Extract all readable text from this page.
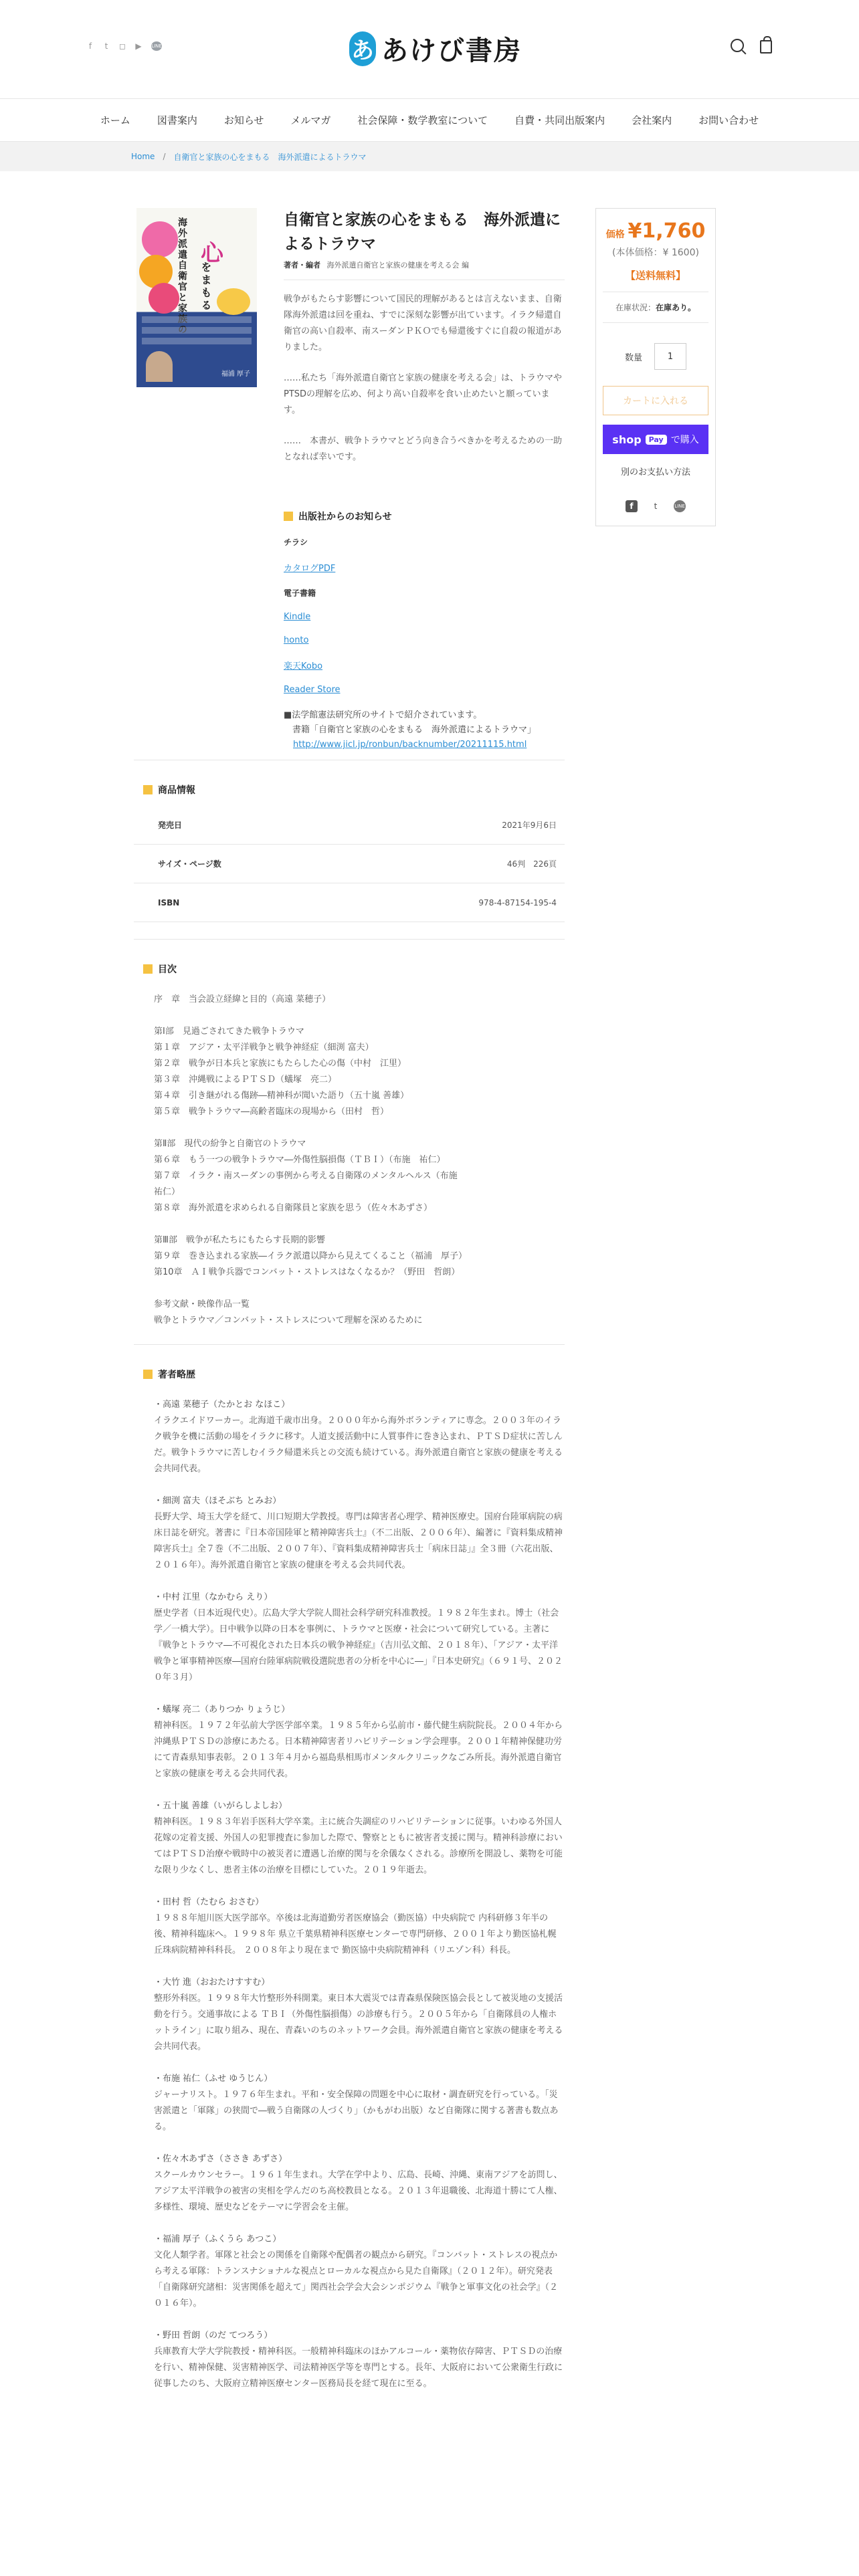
f t ◻ ▶ LINE	あ あけび書房
ホーム	図書案内	お知らせ	メルマガ	社会保障・数学教室について	自費・共同出版案内	会社案内	お問い合わせ
Home / 自衛官と家族の心をまもる　海外派遣によるトラウマ
海外派遣自衛官と家族の 心
をまもる
福浦 厚子
自衛官と家族の心をまもる　海外派遣によるトラウマ
著者・編者 海外派遣自衛官と家族の健康を考える会 編

戦争がもたらす影響について国民的理解があるとは言えないまま、自衛隊海外派遣は回を重ね、すでに深刻な影響が出ています。イラク帰還自衛官の高い自殺率、南スーダンＰＫＯでも帰還後すぐに自殺の報道がありました。

……私たち「海外派遣自衛官と家族の健康を考える会」は、トラウマやPTSDの理解を広め、何より高い自殺率を食い止めたいと願っています。

……　本書が、戦争トラウマとどう向き合うべきかを考えるための一助となれば幸いです。

出版社からのお知らせ
チラシ
カタログPDF
電子書籍
Kindle
honto
楽天Kobo
Reader Store
■法学館憲法研究所のサイトで紹介されています。
　書籍「自衛官と家族の心をまもる　海外派遣によるトラウマ」
http://www.jicl.jp/ronbun/backnumber/20211115.html
価格 ¥1,760
(本体価格：¥ 1600)
【送料無料】
在庫状況：在庫あり。
数量	1
カートに入れる
shop	Pay で購入
別のお支払い方法
f	t	LINE
商品情報
発売日	2021年9月6日
サイズ・ページ数	46判　226頁
ISBN	978-4-87154-195-4
目次
序　章　当会設立経緯と目的（高遠 菜穂子）
第Ⅰ部　見過ごされてきた戦争トラウマ
第１章　アジア・太平洋戦争と戦争神経症（細渕 富夫）
第２章　戦争が日本兵と家族にもたらした心の傷（中村　江里）
第３章　沖縄戦によるＰＴＳＤ（蟻塚　亮二）
第４章　引き継がれる傷跡―精神科が聞いた語り（五十嵐 善雄）
第５章　戦争トラウマ―高齢者臨床の現場から（田村　哲）
第Ⅱ部　現代の紛争と自衛官のトラウマ
第６章　もう一つの戦争トラウマ―外傷性脳損傷（ＴＢＩ）（布施　祐仁）
第７章　イラク・南スーダンの事例から考える自衛隊のメンタルヘルス（布施
祐仁）
第８章　海外派遣を求められる自衛隊員と家族を思う（佐々木あずさ）
第Ⅲ部　戦争が私たちにもたらす長期的影響
第９章　巻き込まれる家族―イラク派遣以降から見えてくること（福浦　厚子）
第10章　ＡＩ戦争兵器でコンバット・ストレスはなくなるか？（野田　哲朗）
参考文献・映像作品一覧
戦争とトラウマ／コンバット・ストレスについて理解を深めるために
著者略歴
・高遠 菜穂子（たかとお なほこ）
イラクエイドワーカー。北海道千歳市出身。２０００年から海外ボランティアに専念。２００３年のイラク戦争を機に活動の場をイラクに移す。人道支援活動中に人質事件に巻き込まれ、ＰＴＳＤ症状に苦しんだ。戦争トラウマに苦しむイラク帰還米兵との交流も続けている。海外派遣自衛官と家族の健康を考える会共同代表。
・細渕 富夫（ほそぶち とみお）
長野大学、埼玉大学を経て、川口短期大学教授。専門は障害者心理学、精神医療史。国府台陸軍病院の病床日誌を研究。著書に『日本帝国陸軍と精神障害兵士』（不二出版、２００６年）、編著に『資料集成精神障害兵士』全７巻（不二出版、２００７年）、『資料集成精神障害兵士「病床日誌」』全３冊（六花出版、２０１６年）。海外派遣自衛官と家族の健康を考える会共同代表。
・中村 江里（なかむら えり）
歴史学者（日本近現代史）。広島大学大学院人間社会科学研究科准教授。１９８２年生まれ。博士（社会学／一橋大学）。日中戦争以降の日本を事例に、トラウマと医療・社会について研究している。主著に『戦争とトラウマ―不可視化された日本兵の戦争神経症』（吉川弘文館、２０１８年）、「アジア・太平洋戦争と軍事精神医療―国府台陸軍病院戦役選院患者の分析を中心に―」『日本史研究』（６９１号、２０２０年３月）
・蟻塚 亮二（ありつか りょうじ）
精神科医。１９７２年弘前大学医学部卒業。１９８５年から弘前市・藤代健生病院院長。２００４年から沖縄県ＰＴＳＤの診療にあたる。日本精神障害者リハビリテーション学会理事。２００１年精神保健功労にて青森県知事表彰。２０１３年４月から福島県相馬市メンタルクリニックなごみ所長。海外派遣自衛官と家族の健康を考える会共同代表。
・五十嵐 善雄（いがらしよしお）
精神科医。１９８３年岩手医科大学卒業。主に統合失調症のリハビリテーションに従事。いわゆる外国人花嫁の定着支援、外国人の犯罪捜査に参加した際で、警察とともに被害者支援に関与。精神科診療においてはＰＴＳＤ治療や戦時中の被災者に遭遇し治療的関与を余儀なくされる。診療所を開設し、薬物を可能な限り少なくし、患者主体の治療を目標にしていた。２０１９年逝去。
・田村 哲（たむら おさむ）
１９８８年旭川医大医学部卒。卒後は北海道勤労者医療協会（勤医協）中央病院で 内科研修３年半の後、精神科臨床へ。１９９８年 県立千葉県精神科医療センターで専門研修、２００１年より勤医協札幌丘珠病院精神科科長。 ２００８年より現在まで 勤医協中央病院精神科（リエゾン科）科長。
・大竹 進（おおたけすすむ）
整形外科医。１９９８年大竹整形外科開業。東日本大震災では青森県保険医協会長として被災地の支援活動を行う。交通事故による ＴＢＩ（外傷性脳損傷）の診療も行う。２００５年から「自衛隊員の人権ホットライン」に取り組み、現在、青森いのちのネットワーク会員。海外派遣自衛官と家族の健康を考える会共同代表。
・布施 祐仁（ふせ ゆうじん）
ジャーナリスト。１９７６年生まれ。平和・安全保障の問題を中心に取材・調査研究を行っている。「災害派遣と「軍隊」の狭間で―戦う自衛隊の人づくり」（かもがわ出版）など自衛隊に関する著書も数点ある。
・佐々木あずさ（ささき あずさ）
スクールカウンセラー。１９６１年生まれ。大学在学中より、広島、長崎、沖縄、東南アジアを訪問し、アジア太平洋戦争の被害の実相を学んだのち高校教員となる。２０１３年退職後、北海道十勝にて人権、多様性、環境、歴史などをテーマに学習会を主催。
・福浦 厚子（ふくうら あつこ）
文化人類学者。軍隊と社会との関係を自衛隊や配偶者の観点から研究。『コンバット・ストレスの視点から考える軍隊：トランスナショナルな視点とローカルな視点から見た自衛隊』（２０１２年）。研究発表「自衛隊研究諸相：災害関係を超えて」関西社会学会大会シンポジウム『戦争と軍事文化の社会学』（２０１６年）。
・野田 哲朗（のだ てつろう）
兵庫教育大学大学院教授・精神科医。一般精神科臨床のほかアルコール・薬物依存障害、ＰＴＳＤの治療を行い、精神保健、災害精神医学、司法精神医学等を専門とする。長年、大阪府において公衆衛生行政に従事したのち、大阪府立精神医療センター医務局長を経て現在に至る。
